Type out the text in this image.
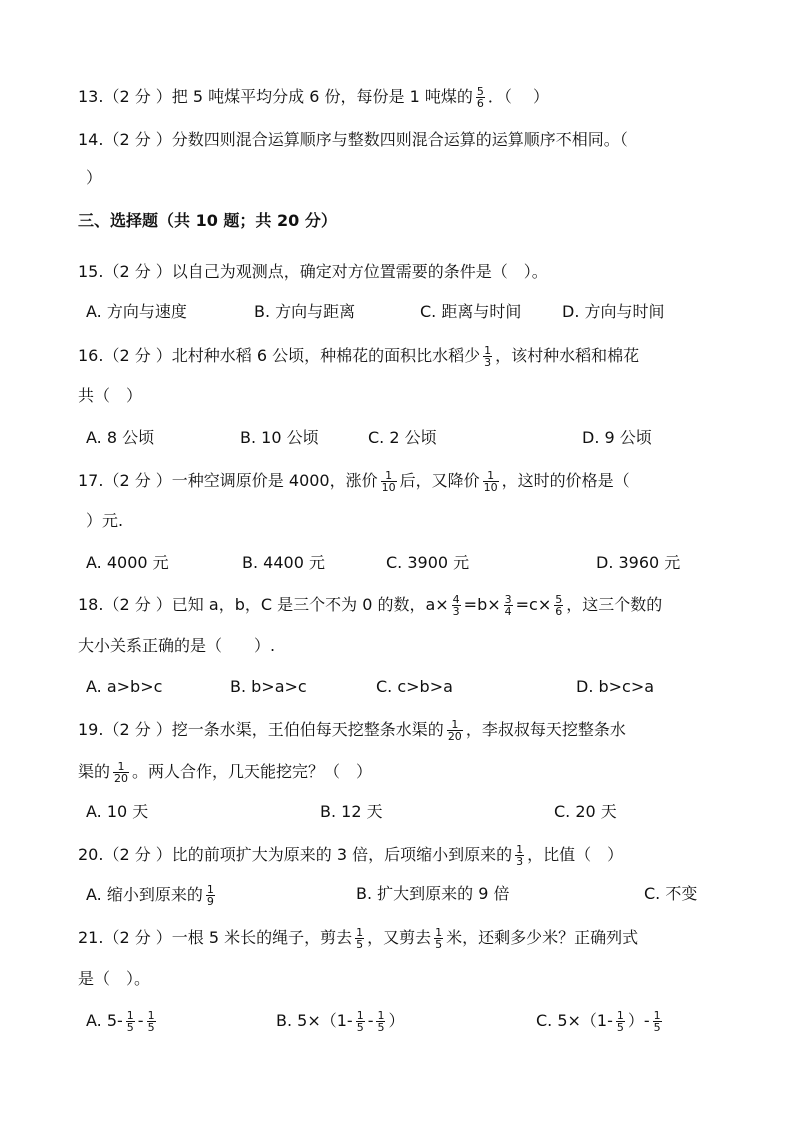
13.（2 分 ）把 5 吨煤平均分成 6 份，每份是 1 吨煤的 $\frac{5}{6}$ ．（　 ）
14.（2 分 ）分数四则混合运算顺序与整数四则混合运算的运算顺序不相同。（
）
三、选择题（共 10 题；共 20 分）
15.（2 分 ）以自己为观测点，确定对方位置需要的条件是（　）。
A. 方向与速度	B. 方向与距离	C. 距离与时间	D. 方向与时间
16.（2 分 ）北村种水稻 6 公顷，种棉花的面积比水稻少 $\frac{1}{3}$ ，该村种水稻和棉花
共（　）
A. 8 公顷	B. 10 公顷	C. 2 公顷	D. 9 公顷
17.（2 分 ）一种空调原价是 4000，涨价 $\frac{1}{10}$ 后，又降价 $\frac{1}{10}$ ，这时的价格是（
）元.
A. 4000 元	B. 4400 元	C. 3900 元	D. 3960 元
18.（2 分 ）已知 a，b，C 是三个不为 0 的数，$a\times \frac{4}{3} =b\times \frac{3}{4} =c\times \frac{5}{6}$ ，这三个数的
大小关系正确的是（　　）.
A. a>b>c	B. b>a>c	C. c>b>a	D. b>c>a
19.（2 分 ）挖一条水渠，王伯伯每天挖整条水渠的 $\frac{1}{20}$ ，李叔叔每天挖整条水
渠的 $\frac{1}{20}$ 。两人合作，几天能挖完？（　）
A. 10 天	B. 12 天	C. 20 天
20.（2 分 ）比的前项扩大为原来的 3 倍，后项缩小到原来的 $\frac{1}{3}$ ，比值（　）
A. 缩小到原来的 $\frac{1}{9}$	B. 扩大到原来的 9 倍	C. 不变
21.（2 分 ）一根 5 米长的绳子，剪去 $\frac{1}{5}$ ，又剪去 $\frac{1}{5}$ 米，还剩多少米？正确列式
是（　）。
A. $5- \frac{1}{5} - \frac{1}{5}$	B. $5\times(1- \frac{1}{5} - \frac{1}{5}$ ）	C. $5\times(1- \frac{1}{5}$ ）- $\frac{1}{5}$
